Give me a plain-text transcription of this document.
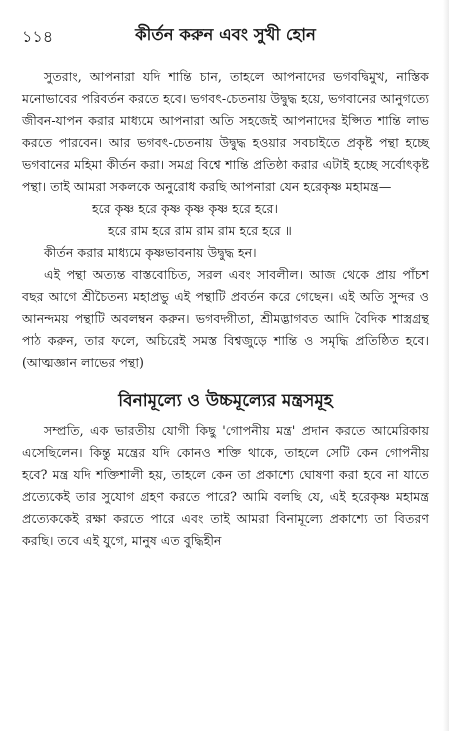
১১৪	কীর্তন করুন এবং সুখী হোন

সুতরাং, আপনারা যদি শান্তি চান, তাহলে আপনাদের ভগবদ্বিমুখ, নাস্তিক মনোভাবের পরিবর্তন করতে হবে। ভগবৎ-চেতনায় উদ্বুদ্ধ হয়ে, ভগবানের আনুগত্যে জীবন-যাপন করার মাধ্যমে আপনারা অতি সহজেই আপনাদের ইপ্সিত শান্তি লাভ করতে পারবেন। আর ভগবৎ-চেতনায় উদ্বুদ্ধ হওয়ার সবচাইতে প্রকৃষ্ট পন্থা হচ্ছে ভগবানের মহিমা কীর্তন করা। সমগ্র বিশ্বে শান্তি প্রতিষ্ঠা করার এটাই হচ্ছে সর্বোৎকৃষ্ট পন্থা। তাই আমরা সকলকে অনুরোধ করছি আপনারা যেন হরেকৃষ্ণ মহামন্ত্র—

হরে কৃষ্ণ হরে কৃষ্ণ কৃষ্ণ কৃষ্ণ হরে হরে।
হরে রাম হরে রাম রাম রাম হরে হরে ॥

কীর্তন করার মাধ্যমে কৃষ্ণভাবনায় উদ্বুদ্ধ হন।

এই পন্থা অত্যন্ত বাস্তবোচিত, সরল এবং সাবলীল। আজ থেকে প্রায় পাঁচশ বছর আগে শ্রীচৈতন্য মহাপ্রভু এই পন্থাটি প্রবর্তন করে গেছেন। এই অতি সুন্দর ও আনন্দময় পন্থাটি অবলম্বন করুন। ভগবদ্গীতা, শ্রীমদ্ভাগবত আদি বৈদিক শাস্ত্রগ্রন্থ পাঠ করুন, তার ফলে, অচিরেই সমস্ত বিশ্বজুড়ে শান্তি ও সমৃদ্ধি প্রতিষ্ঠিত হবে। (আত্মজ্ঞান লাভের পন্থা)

বিনামূল্যে ও উচ্চমূল্যের মন্ত্রসমূহ

সম্প্রতি, এক ভারতীয় যোগী কিছু 'গোপনীয় মন্ত্র' প্রদান করতে আমেরিকায় এসেছিলেন। কিন্তু মন্ত্রের যদি কোনও শক্তি থাকে, তাহলে সেটি কেন গোপনীয় হবে? মন্ত্র যদি শক্তিশালী হয়, তাহলে কেন তা প্রকাশ্যে ঘোষণা করা হবে না যাতে প্রত্যেকেই তার সুযোগ গ্রহণ করতে পারে? আমি বলছি যে, এই হরেকৃষ্ণ মহামন্ত্র প্রত্যেককেই রক্ষা করতে পারে এবং তাই আমরা বিনামূল্যে প্রকাশ্যে তা বিতরণ করছি। তবে এই যুগে, মানুষ এত বুদ্ধিহীন
